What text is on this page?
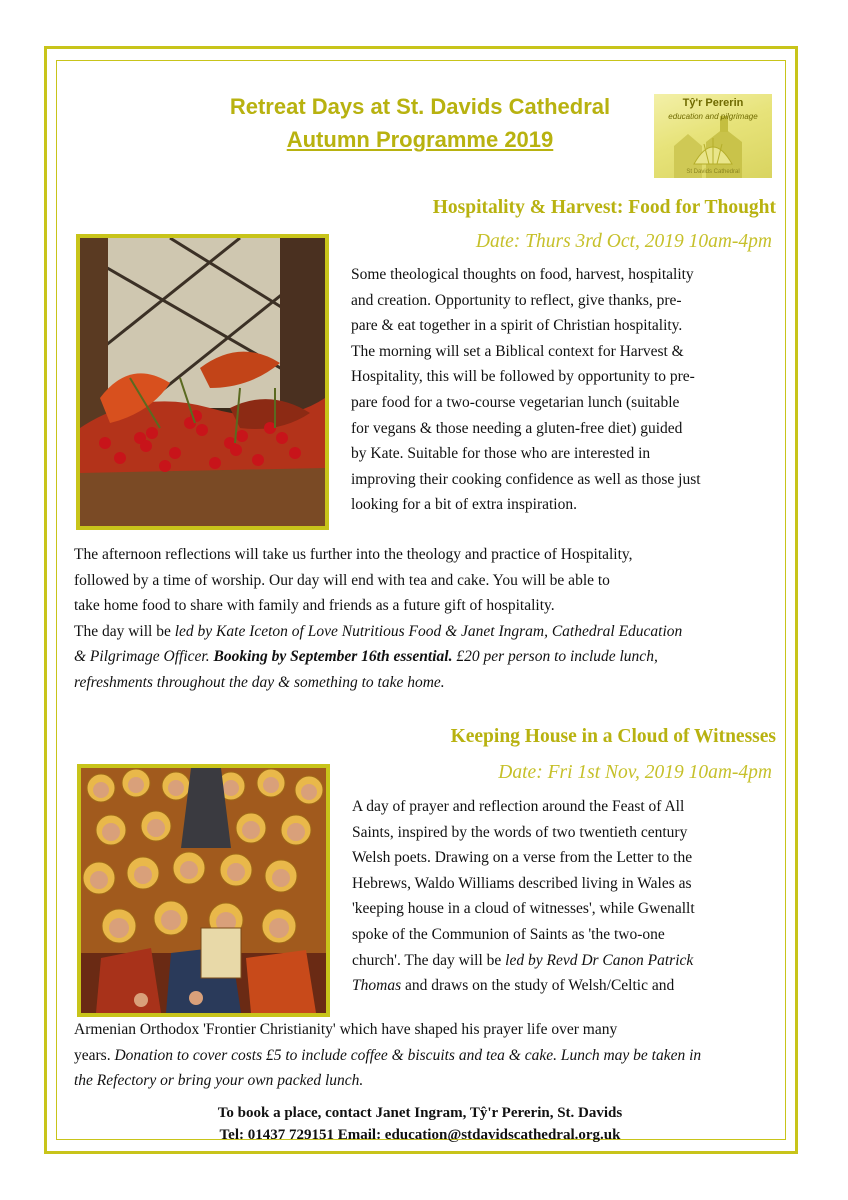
Retreat Days at St. Davids Cathedral
Autumn Programme 2019
Tŷ'r Pererin
education and pilgrimage
St Davids Cathedral
Hospitality & Harvest: Food for Thought
Date: Thurs 3rd Oct, 2019 10am-4pm
Some theological thoughts on food, harvest, hospitality
and creation. Opportunity to reflect, give thanks, pre-
pare & eat together in a spirit of Christian hospitality.
The morning will set a Biblical context for Harvest &
Hospitality, this will be followed by opportunity to pre-
pare food for a two-course vegetarian lunch (suitable
for vegans & those needing a gluten-free diet) guided
by Kate. Suitable for those who are interested in
improving their cooking confidence as well as those just
looking for a bit of extra inspiration.
The afternoon reflections will take us further into the theology and practice of Hospitality,
followed by a time of worship. Our day will end with tea and cake. You will be able to
take home food to share with family and friends as a future gift of hospitality.
The day will be led by Kate Iceton of Love Nutritious Food & Janet Ingram, Cathedral Education
& Pilgrimage Officer. Booking by September 16th essential. £20 per person to include lunch,
refreshments throughout the day & something to take home.
Keeping House in a Cloud of Witnesses
Date: Fri 1st Nov, 2019 10am-4pm
A day of prayer and reflection around the Feast of All
Saints, inspired by the words of two twentieth century
Welsh poets. Drawing on a verse from the Letter to the
Hebrews, Waldo Williams described living in Wales as
'keeping house in a cloud of witnesses', while Gwenallt
spoke of the Communion of Saints as 'the two-one
church'. The day will be led by Revd Dr Canon Patrick
Thomas and draws on the study of Welsh/Celtic and
Armenian Orthodox 'Frontier Christianity' which have shaped his prayer life over many
years. Donation to cover costs £5 to include coffee & biscuits and tea & cake. Lunch may be taken in
the Refectory or bring your own packed lunch.
To book a place, contact Janet Ingram, Tŷ'r Pererin, St. Davids
Tel: 01437 729151 Email: education@stdavidscathedral.org.uk
